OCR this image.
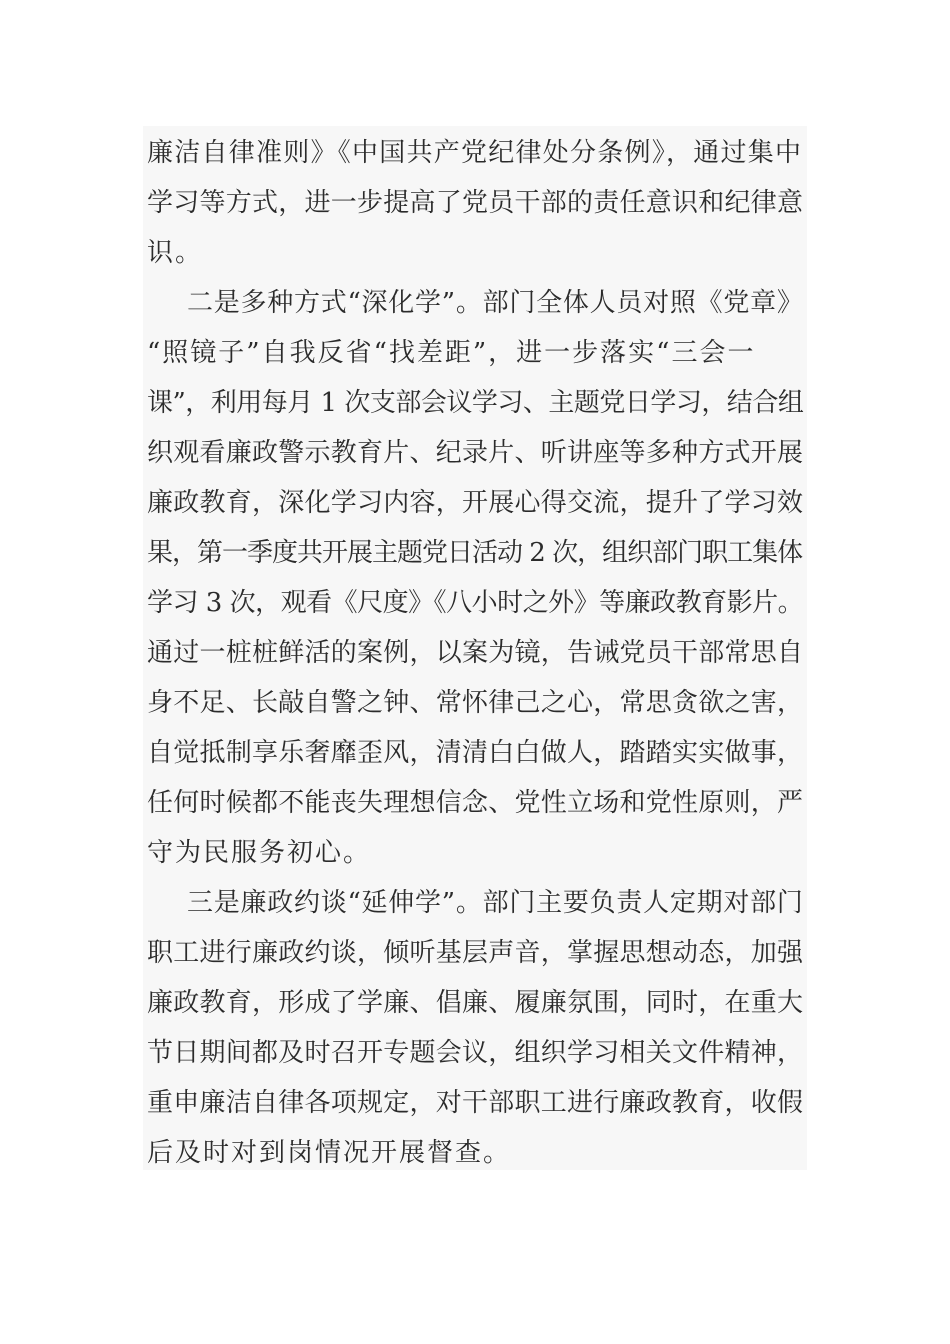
廉洁自律准则》《中国共产党纪律处分条例》，通过集中
学习等方式，进一步提高了党员干部的责任意识和纪律意
识。
二是多种方式“深化学”。部门全体人员对照《党章》
“照镜子”自我反省“找差距”，进一步落实“三会一
课”，利用每月 1 次支部会议学习、主题党日学习，结合组
织观看廉政警示教育片、纪录片、听讲座等多种方式开展
廉政教育，深化学习内容，开展心得交流，提升了学习效
果，第一季度共开展主题党日活动 2 次，组织部门职工集体
学习 3 次，观看《尺度》《八小时之外》等廉政教育影片。
通过一桩桩鲜活的案例，以案为镜，告诫党员干部常思自
身不足、长敲自警之钟、常怀律己之心，常思贪欲之害，
自觉抵制享乐奢靡歪风，清清白白做人，踏踏实实做事，
任何时候都不能丧失理想信念、党性立场和党性原则，严
守为民服务初心。
三是廉政约谈“延伸学”。部门主要负责人定期对部门
职工进行廉政约谈，倾听基层声音，掌握思想动态，加强
廉政教育，形成了学廉、倡廉、履廉氛围，同时，在重大
节日期间都及时召开专题会议，组织学习相关文件精神，
重申廉洁自律各项规定，对干部职工进行廉政教育，收假
后及时对到岗情况开展督查。
